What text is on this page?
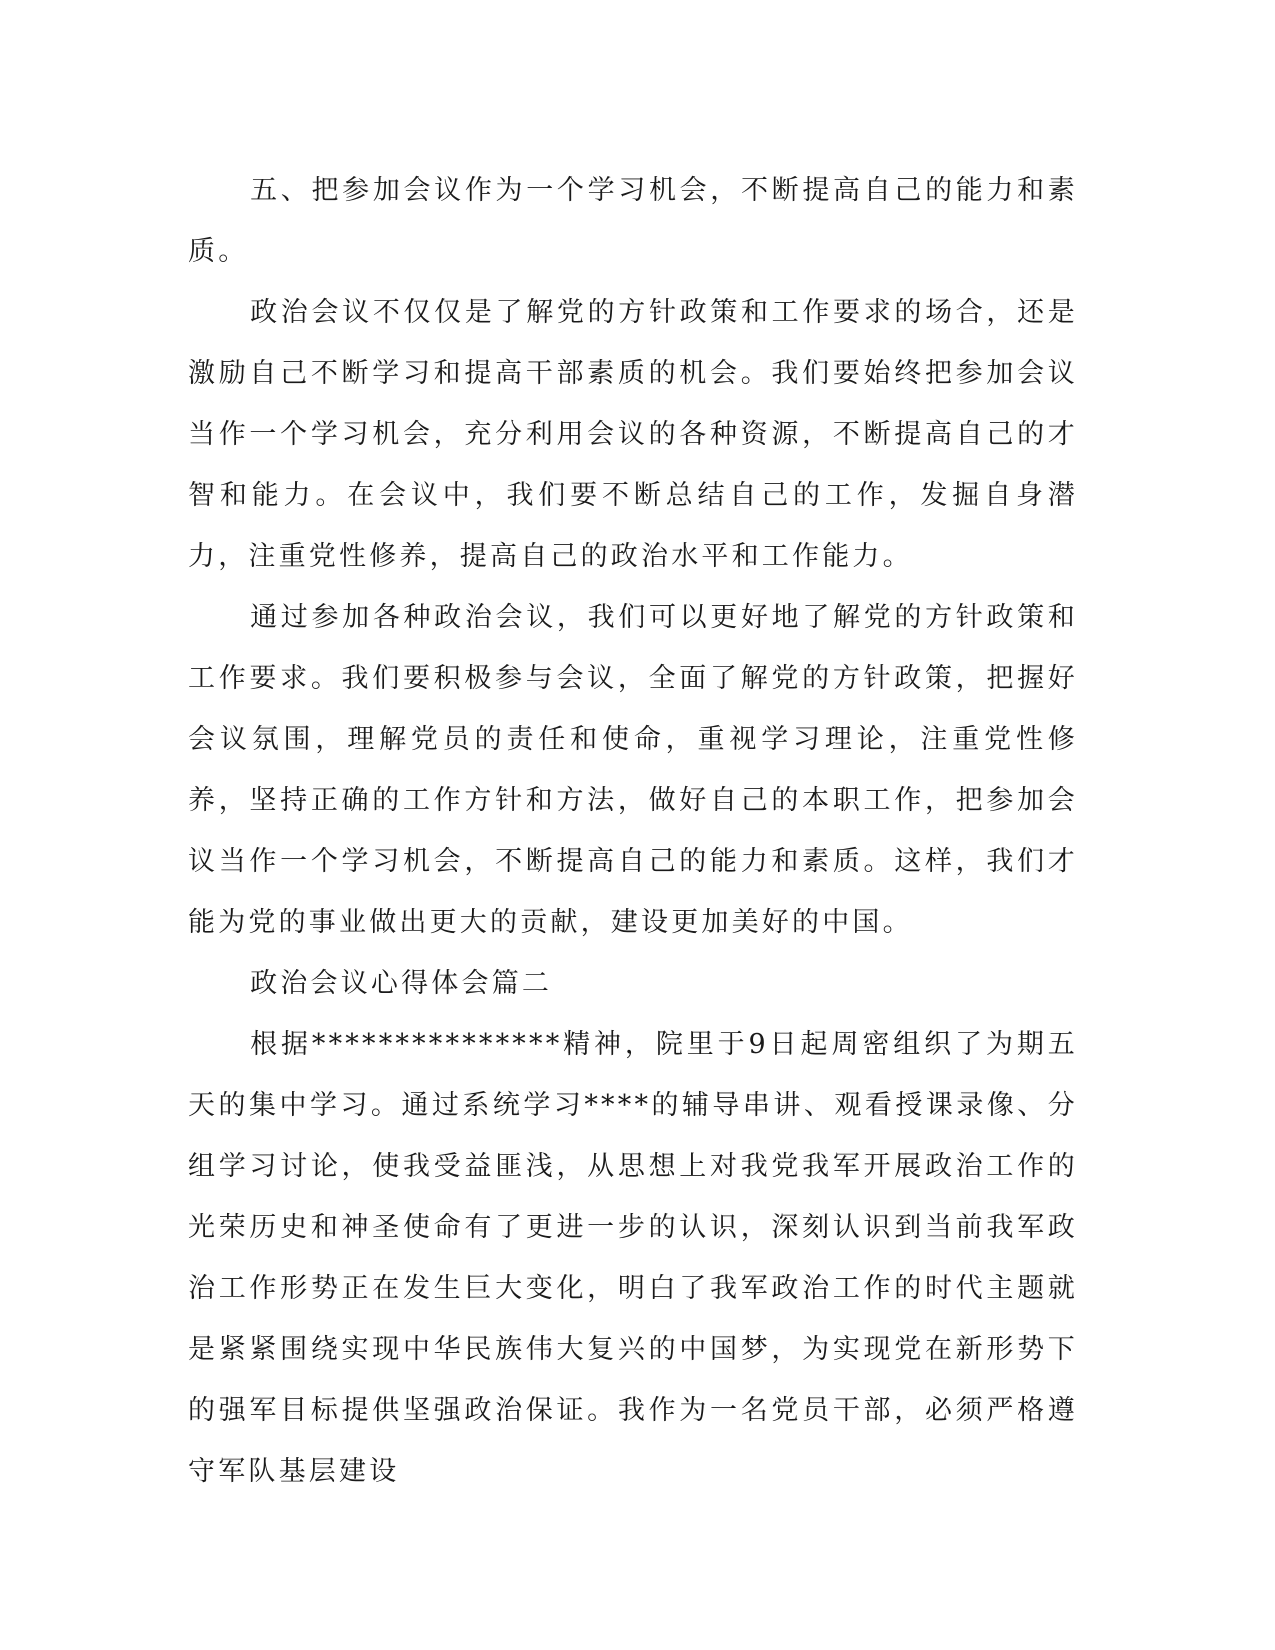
五、把参加会议作为一个学习机会，不断提高自己的能力和素质。

政治会议不仅仅是了解党的方针政策和工作要求的场合，还是激励自己不断学习和提高干部素质的机会。我们要始终把参加会议当作一个学习机会，充分利用会议的各种资源，不断提高自己的才智和能力。在会议中，我们要不断总结自己的工作，发掘自身潜力，注重党性修养，提高自己的政治水平和工作能力。

通过参加各种政治会议，我们可以更好地了解党的方针政策和工作要求。我们要积极参与会议，全面了解党的方针政策，把握好会议氛围，理解党员的责任和使命，重视学习理论，注重党性修养，坚持正确的工作方针和方法，做好自己的本职工作，把参加会议当作一个学习机会，不断提高自己的能力和素质。这样，我们才能为党的事业做出更大的贡献，建设更加美好的中国。

政治会议心得体会篇二

根据***************精神，院里于9日起周密组织了为期五天的集中学习。通过系统学习****的辅导串讲、观看授课录像、分组学习讨论，使我受益匪浅，从思想上对我党我军开展政治工作的光荣历史和神圣使命有了更进一步的认识，深刻认识到当前我军政治工作形势正在发生巨大变化，明白了我军政治工作的时代主题就是紧紧围绕实现中华民族伟大复兴的中国梦，为实现党在新形势下的强军目标提供坚强政治保证。我作为一名党员干部，必须严格遵守军队基层建设
